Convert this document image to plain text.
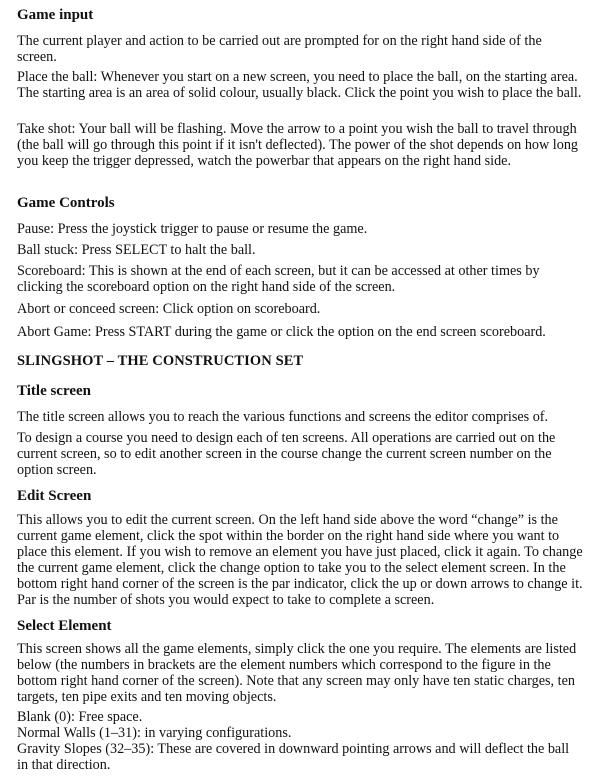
Game input

The current player and action to be carried out are prompted for on the right hand side of the screen.

Place the ball: Whenever you start on a new screen, you need to place the ball, on the starting area. The starting area is an area of solid colour, usually black. Click the point you wish to place the ball.

Take shot: Your ball will be flashing. Move the arrow to a point you wish the ball to travel through (the ball will go through this point if it isn't deflected). The power of the shot depends on how long you keep the trigger depressed, watch the powerbar that appears on the right hand side.

Game Controls

Pause: Press the joystick trigger to pause or resume the game.

Ball stuck: Press SELECT to halt the ball.

Scoreboard: This is shown at the end of each screen, but it can be accessed at other times by clicking the scoreboard option on the right hand side of the screen.

Abort or conceed screen: Click option on scoreboard.

Abort Game: Press START during the game or click the option on the end screen scoreboard.

SLINGSHOT – THE CONSTRUCTION SET
Title screen

The title screen allows you to reach the various functions and screens the editor comprises of.

To design a course you need to design each of ten screens. All operations are carried out on the current screen, so to edit another screen in the course change the current screen number on the option screen.

Edit Screen

This allows you to edit the current screen. On the left hand side above the word “change” is the current game element, click the spot within the border on the right hand side where you want to place this element. If you wish to remove an element you have just placed, click it again. To change the current game element, click the change option to take you to the select element screen. In the bottom right hand corner of the screen is the par indicator, click the up or down arrows to change it. Par is the number of shots you would expect to take to complete a screen.

Select Element

This screen shows all the game elements, simply click the one you require. The elements are listed below (the numbers in brackets are the element numbers which correspond to the figure in the bottom right hand corner of the screen). Note that any screen may only have ten static charges, ten targets, ten pipe exits and ten moving objects.

Blank (0): Free space.
Normal Walls (1–31): in varying configurations.
Gravity Slopes (32–35): These are covered in downward pointing arrows and will deflect the ball in that direction.
